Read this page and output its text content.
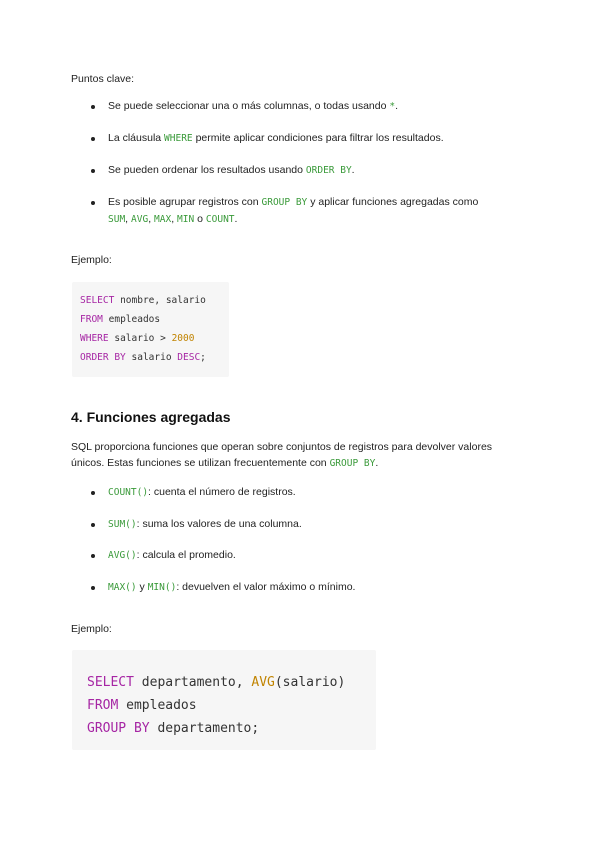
Puntos clave:
Se puede seleccionar una o más columnas, o todas usando *.
La cláusula WHERE permite aplicar condiciones para filtrar los resultados.
Se pueden ordenar los resultados usando ORDER BY.
Es posible agrupar registros con GROUP BY y aplicar funciones agregadas como
SUM, AVG, MAX, MIN o COUNT.
Ejemplo:
SELECT nombre, salario
FROM empleados
WHERE salario > 2000
ORDER BY salario DESC;
4. Funciones agregadas
SQL proporciona funciones que operan sobre conjuntos de registros para devolver valores
únicos. Estas funciones se utilizan frecuentemente con GROUP BY.
COUNT(): cuenta el número de registros.
SUM(): suma los valores de una columna.
AVG(): calcula el promedio.
MAX() y MIN(): devuelven el valor máximo o mínimo.
Ejemplo:
SELECT departamento, AVG(salario)
FROM empleados
GROUP BY departamento;
